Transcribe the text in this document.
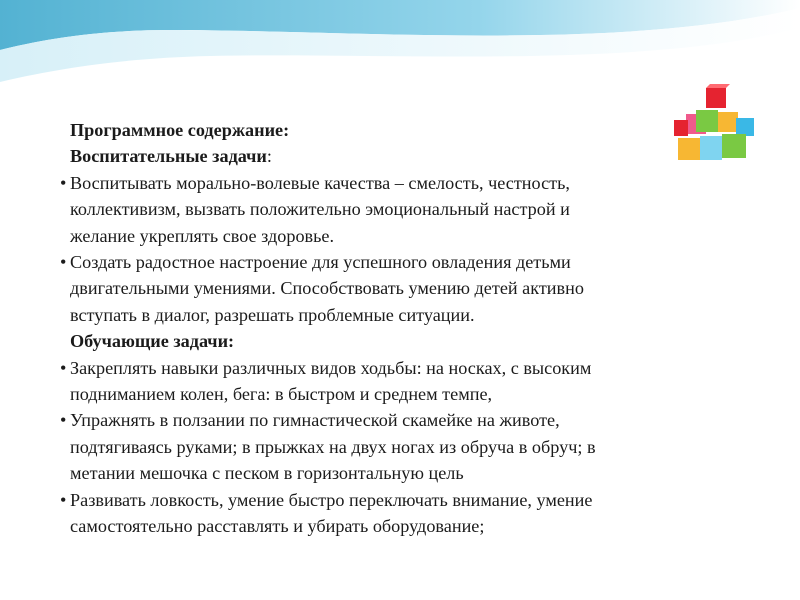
Программное содержание:
Воспитательные задачи:
• Воспитывать морально-волевые качества – смелость, честность,
коллективизм, вызвать положительно эмоциональный настрой и
желание укреплять свое здоровье.
• Создать радостное настроение для успешного овладения детьми
двигательными умениями. Способствовать умению детей активно
вступать в диалог, разрешать проблемные ситуации.
Обучающие задачи:
• Закреплять навыки различных видов ходьбы: на носках, с высоким
подниманием колен, бега: в быстром и среднем темпе,
• Упражнять в ползании по гимнастической скамейке на животе,
подтягиваясь руками; в прыжках на двух ногах из обруча в обруч; в
метании мешочка с песком в горизонтальную цель
• Развивать ловкость, умение быстро переключать внимание, умение
самостоятельно расставлять и убирать оборудование;
